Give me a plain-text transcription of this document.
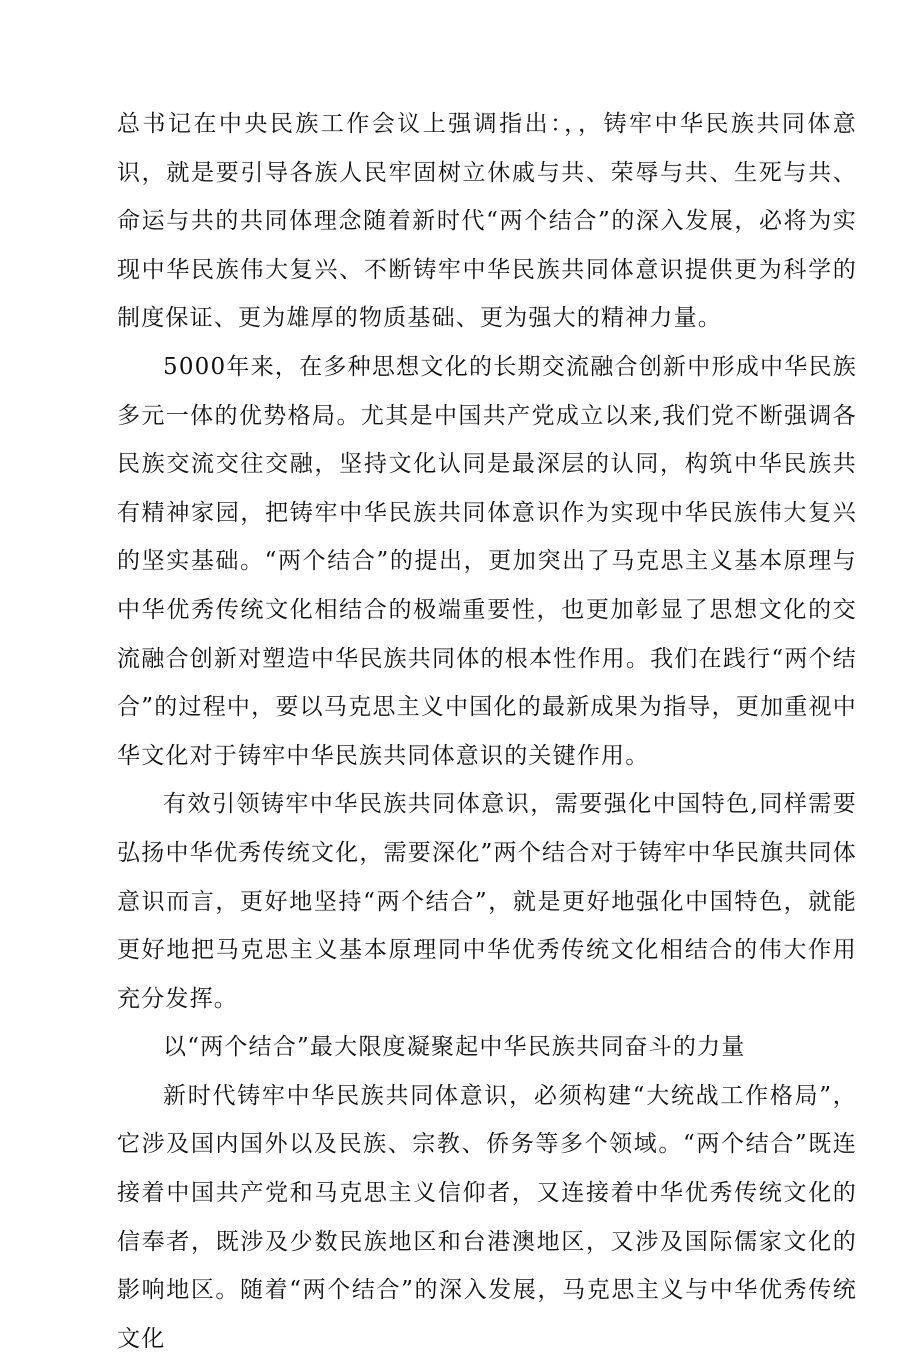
总书记在中央民族工作会议上强调指出：，，铸牢中华民族共同体意识，就是要引导各族人民牢固树立休戚与共、荣辱与共、生死与共、命运与共的共同体理念随着新时代“两个结合”的深入发展，必将为实现中华民族伟大复兴、不断铸牢中华民族共同体意识提供更为科学的制度保证、更为雄厚的物质基础、更为强大的精神力量。

5000年来，在多种思想文化的长期交流融合创新中形成中华民族多元一体的优势格局。尤其是中国共产党成立以来,我们党不断强调各民族交流交往交融，坚持文化认同是最深层的认同，构筑中华民族共有精神家园，把铸牢中华民族共同体意识作为实现中华民族伟大复兴的坚实基础。“两个结合”的提出，更加突出了马克思主义基本原理与中华优秀传统文化相结合的极端重要性，也更加彰显了思想文化的交流融合创新对塑造中华民族共同体的根本性作用。我们在践行“两个结合”的过程中，要以马克思主义中国化的最新成果为指导，更加重视中华文化对于铸牢中华民族共同体意识的关键作用。

有效引领铸牢中华民族共同体意识，需要强化中国特色,同样需要弘扬中华优秀传统文化，需要深化”两个结合对于铸牢中华民旗共同体意识而言，更好地坚持“两个结合”，就是更好地强化中国特色，就能更好地把马克思主义基本原理同中华优秀传统文化相结合的伟大作用充分发挥。

以“两个结合”最大限度凝聚起中华民族共同奋斗的力量

新时代铸牢中华民族共同体意识，必须构建“大统战工作格局”，它涉及国内国外以及民族、宗教、侨务等多个领域。“两个结合”既连接着中国共产党和马克思主义信仰者，又连接着中华优秀传统文化的信奉者，既涉及少数民族地区和台港澳地区，又涉及国际儒家文化的影响地区。随着“两个结合”的深入发展，马克思主义与中华优秀传统文化
